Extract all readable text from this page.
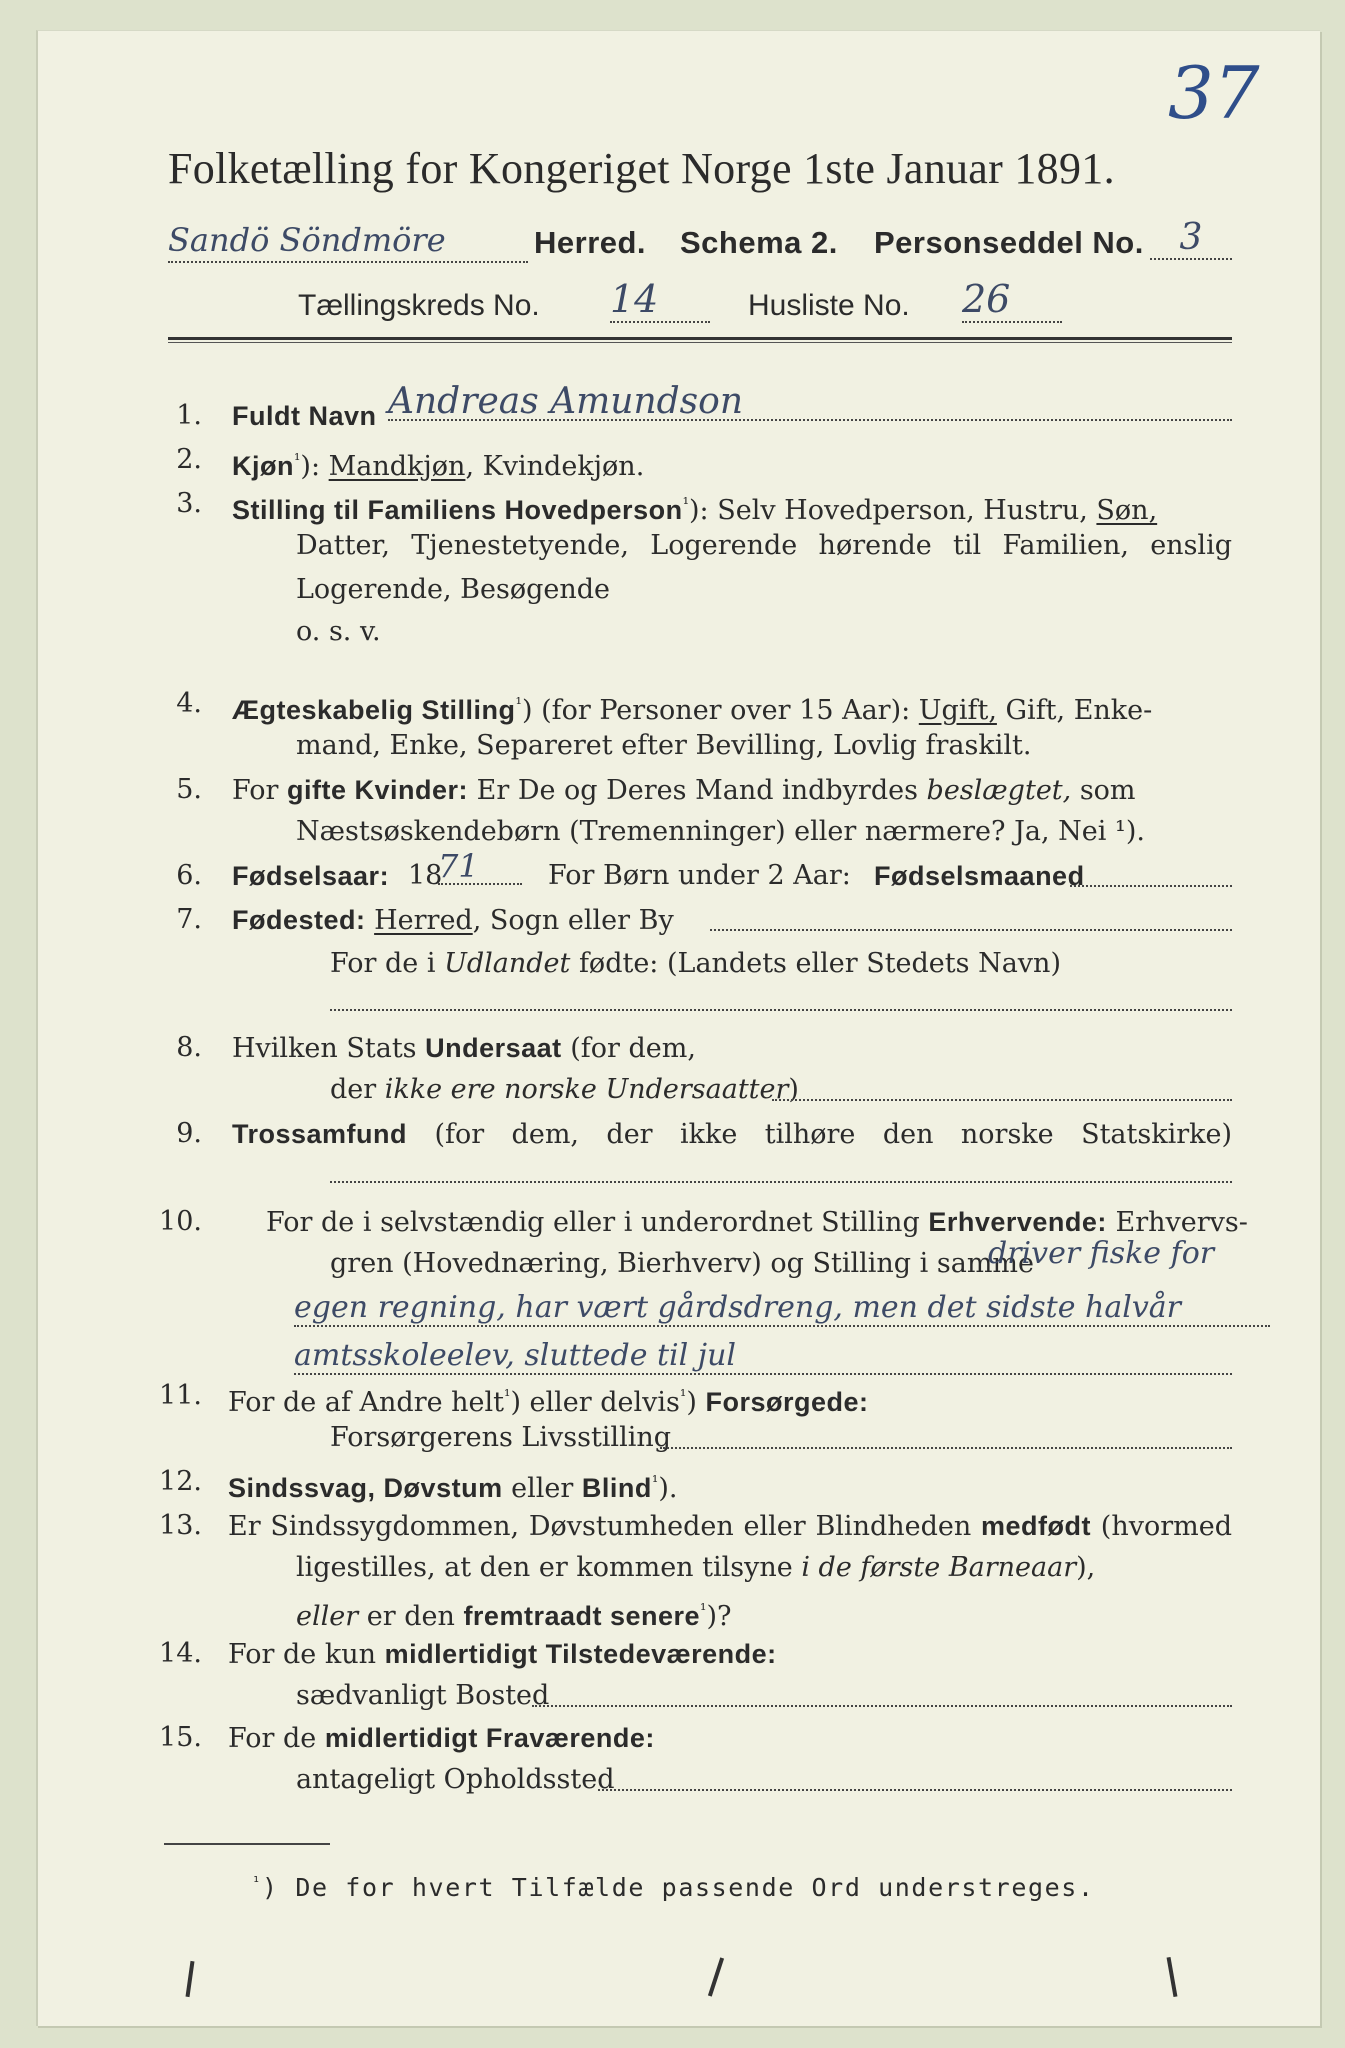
37
Folketælling for Kongeriget Norge 1ste Januar 1891.
Sandö Söndmöre	Herred. Schema 2. Personseddel No. 3
Tællingskreds No. 14	Husliste No. 26
1. Fuldt Navn Andreas Amundson
2. Kjøn$^{^1}$): Mandkjøn, Kvindekjøn.
3. Stilling til Familiens Hovedperson$^{^1}$): Selv Hovedperson, Hustru, Søn,
Datter, Tjenestetyende, Logerende hørende til Familien, enslig
Logerende, Besøgende
o. s. v.
4. Ægteskabelig Stilling$^{^1}$) (for Personer over 15 Aar): Ugift, Gift, Enke-
mand, Enke, Separeret efter Bevilling, Lovlig fraskilt.
5. For gifte Kvinder: Er De og Deres Mand indbyrdes beslægtet, som
Næstsøskendebørn (Tremenninger) eller nærmere? Ja, Nei ¹).
6. Fødselsaar: 18
71	For Børn under 2 Aar: Fødselsmaaned
7. Fødested: Herred, Sogn eller By
For de i Udlandet fødte: (Landets eller Stedets Navn)
8. Hvilken Stats Undersaat (for dem,
der ikke ere norske Undersaatter)
9. Trossamfund (for dem, der ikke tilhøre den norske Statskirke)
10. For de i selvstændig eller i underordnet Stilling Erhvervende: Erhvervs-
gren (Hovednæring, Bierhverv) og Stilling i samme
driver fiske for
egen regning, har vært gårdsdreng, men det sidste halvår
amtsskoleelev, sluttede til jul
11. For de af Andre helt$^{^1}$) eller delvis$^{^1}$) Forsørgede:
Forsørgerens Livsstilling
12. Sindssvag, Døvstum eller Blind$^{^1}$).
13. Er Sindssygdommen, Døvstumheden eller Blindheden medfødt (hvormed
ligestilles, at den er kommen tilsyne i de første Barneaar),
eller er den fremtraadt senere$^{^1}$)?
14. For de kun midlertidigt Tilstedeværende:
sædvanligt Bosted
15. For de midlertidigt Fraværende:
antageligt Opholdssted
$^{^1}$) De for hvert Tilfælde passende Ord understreges.
